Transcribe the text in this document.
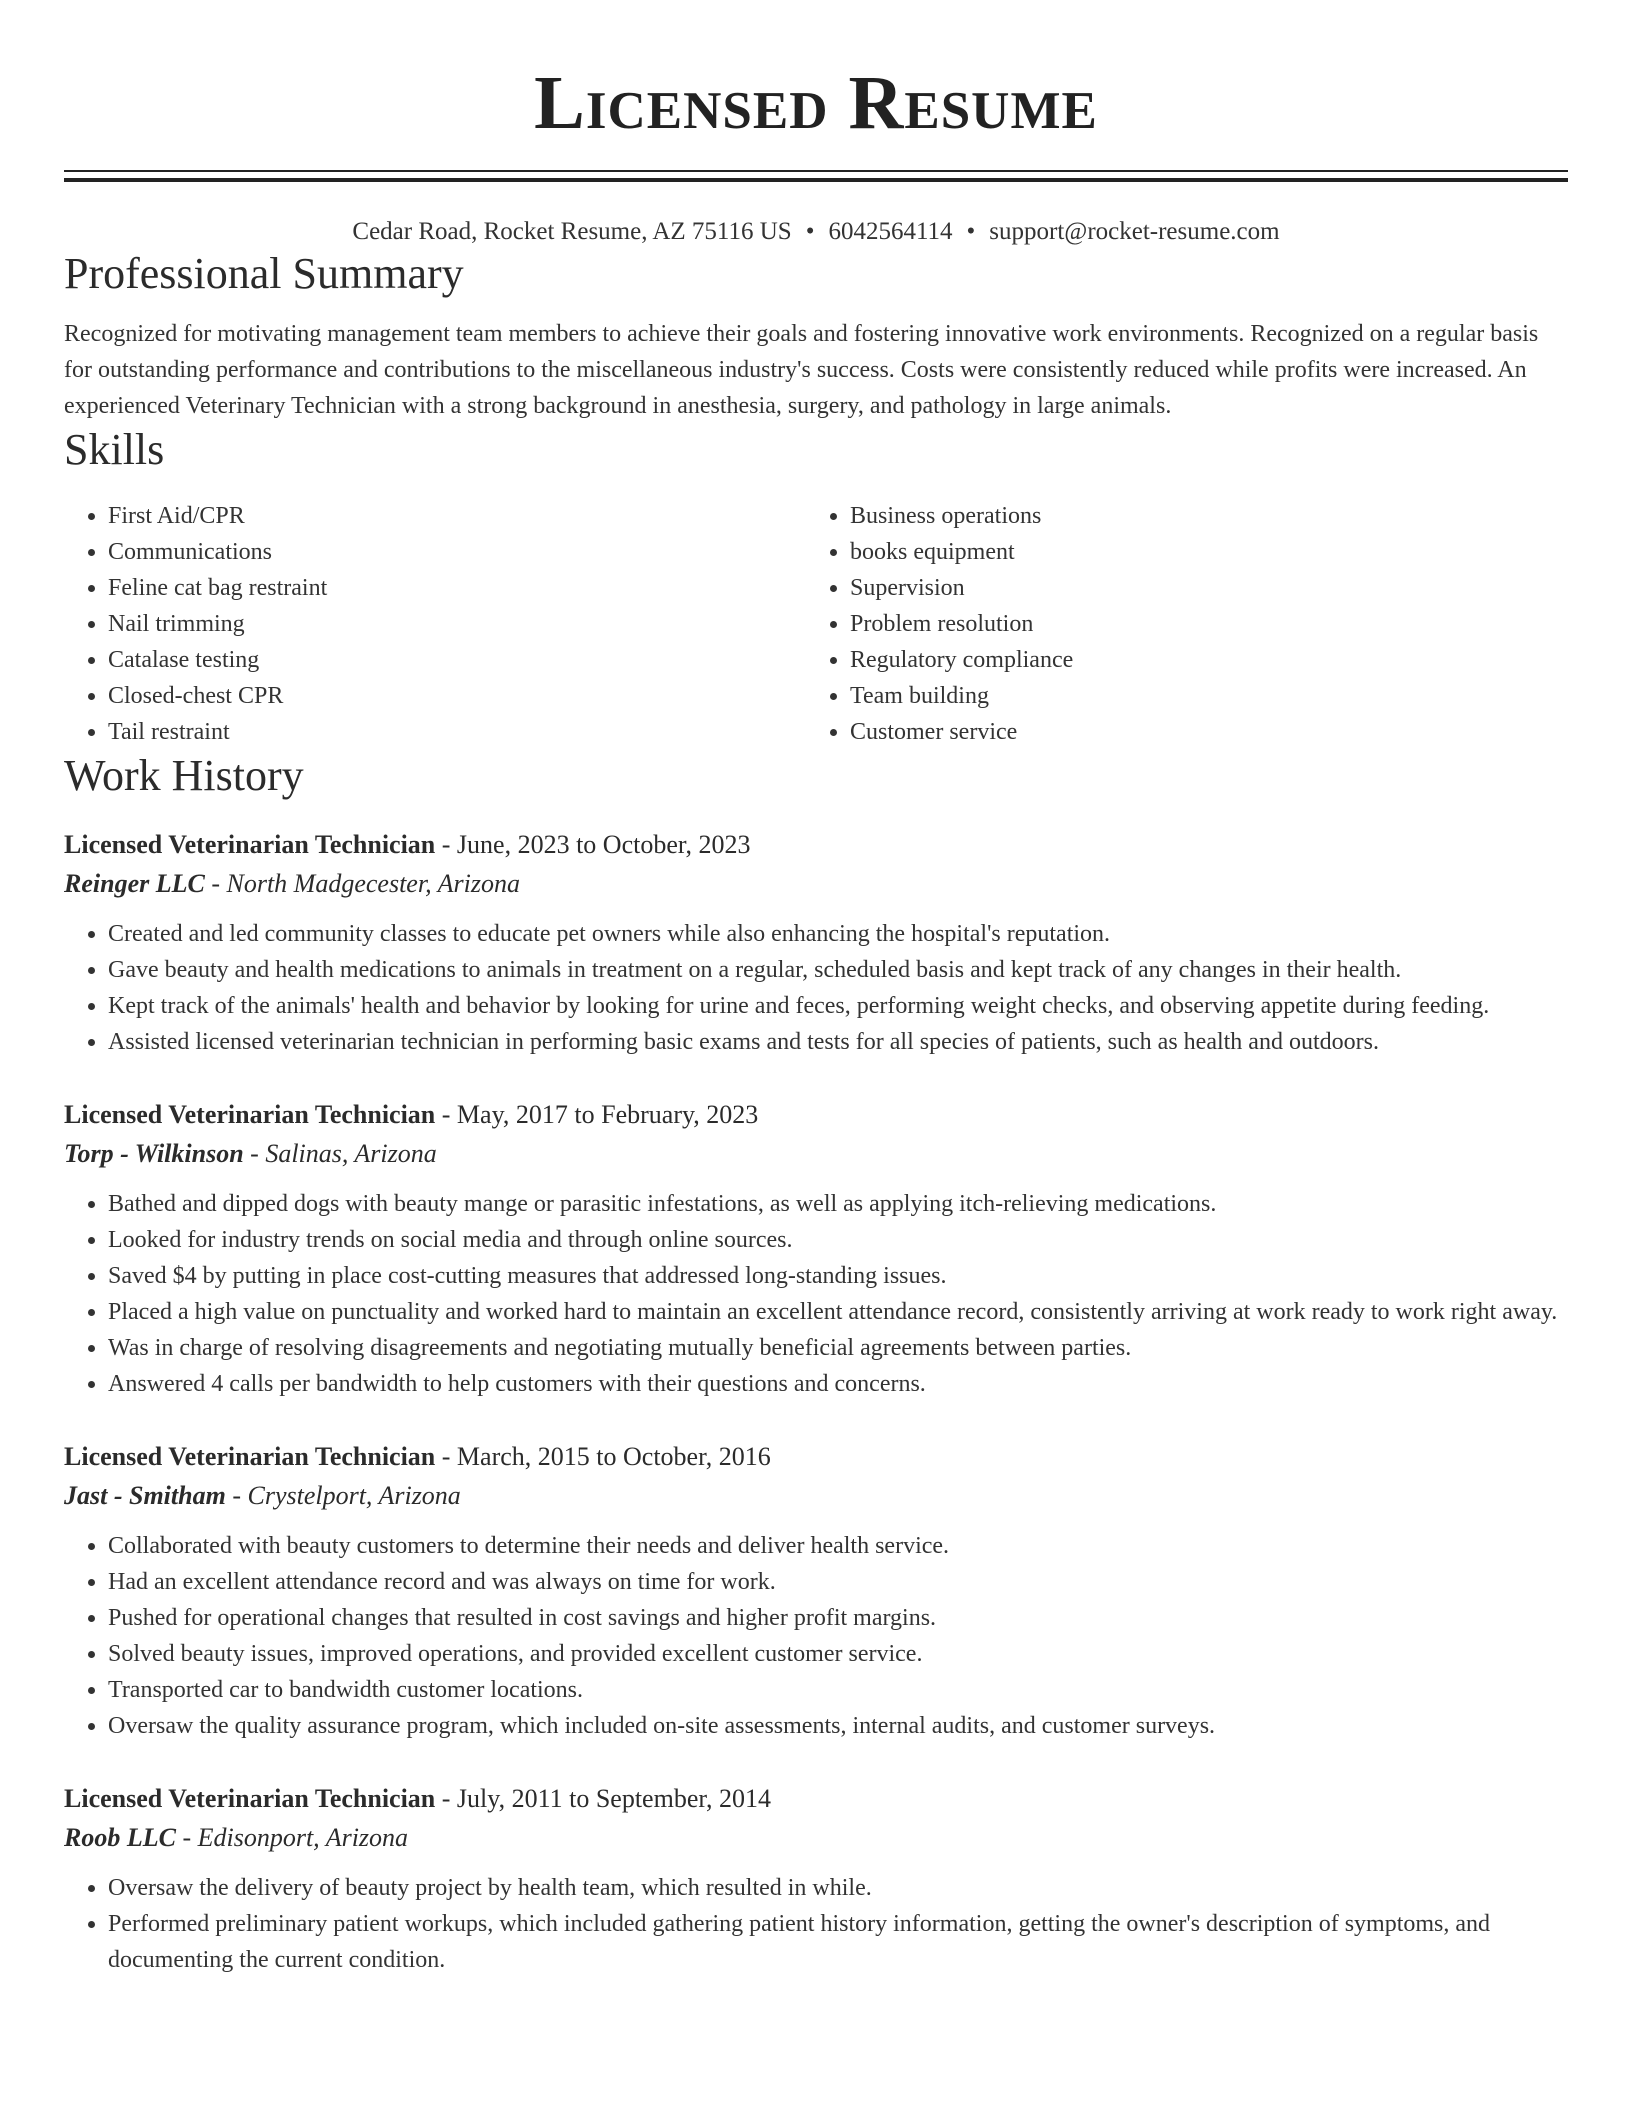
Licensed Resume
Cedar Road, Rocket Resume, AZ 75116 US • 6042564114 • support@rocket-resume.com
Professional Summary

Recognized for motivating management team members to achieve their goals and fostering innovative work environments. Recognized on a regular basis for outstanding performance and contributions to the miscellaneous industry's success. Costs were consistently reduced while profits were increased. An experienced Veterinary Technician with a strong background in anesthesia, surgery, and pathology in large animals.

Skills
• First Aid/CPR
• Communications
• Feline cat bag restraint
• Nail trimming
• Catalase testing
• Closed-chest CPR
• Tail restraint
• Business operations
• books equipment
• Supervision
• Problem resolution
• Regulatory compliance
• Team building
• Customer service
Work History
Licensed Veterinarian Technician - June, 2023 to October, 2023
Reinger LLC - North Madgecester, Arizona
• Created and led community classes to educate pet owners while also enhancing the hospital's reputation.
• Gave beauty and health medications to animals in treatment on a regular, scheduled basis and kept track of any changes in their health.
• Kept track of the animals' health and behavior by looking for urine and feces, performing weight checks, and observing appetite during feeding.
• Assisted licensed veterinarian technician in performing basic exams and tests for all species of patients, such as health and outdoors.
Licensed Veterinarian Technician - May, 2017 to February, 2023
Torp - Wilkinson - Salinas, Arizona
• Bathed and dipped dogs with beauty mange or parasitic infestations, as well as applying itch-relieving medications.
• Looked for industry trends on social media and through online sources.
• Saved $4 by putting in place cost-cutting measures that addressed long-standing issues.
• Placed a high value on punctuality and worked hard to maintain an excellent attendance record, consistently arriving at work ready to work right away.
• Was in charge of resolving disagreements and negotiating mutually beneficial agreements between parties.
• Answered 4 calls per bandwidth to help customers with their questions and concerns.
Licensed Veterinarian Technician - March, 2015 to October, 2016
Jast - Smitham - Crystelport, Arizona
• Collaborated with beauty customers to determine their needs and deliver health service.
• Had an excellent attendance record and was always on time for work.
• Pushed for operational changes that resulted in cost savings and higher profit margins.
• Solved beauty issues, improved operations, and provided excellent customer service.
• Transported car to bandwidth customer locations.
• Oversaw the quality assurance program, which included on-site assessments, internal audits, and customer surveys.
Licensed Veterinarian Technician - July, 2011 to September, 2014
Roob LLC - Edisonport, Arizona
• Oversaw the delivery of beauty project by health team, which resulted in while.
• Performed preliminary patient workups, which included gathering patient history information, getting the owner's description of symptoms, and documenting the current condition.
